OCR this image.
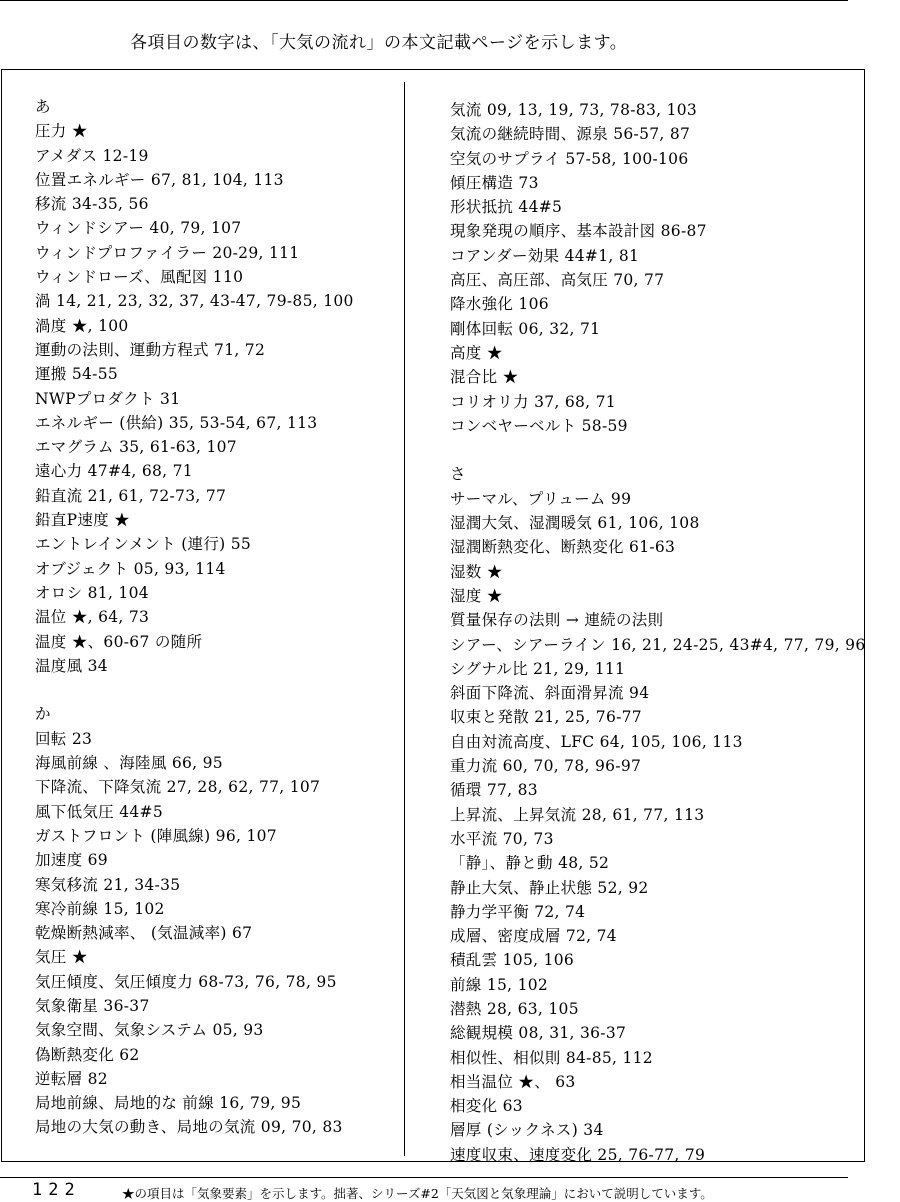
各項目の数字は、「大気の流れ」の本文記載ページを示します。
あ
圧力 ★
アメダス 12-19
位置エネルギー 67, 81, 104, 113
移流 34-35, 56
ウィンドシアー 40, 79, 107
ウィンドプロファイラー 20-29, 111
ウィンドローズ、風配図 110
渦 14, 21, 23, 32, 37, 43-47, 79-85, 100
渦度 ★, 100
運動の法則、運動方程式 71, 72
運搬 54-55
NWPプロダクト 31
エネルギー (供給) 35, 53-54, 67, 113
エマグラム 35, 61-63, 107
遠心力 47#4, 68, 71
鉛直流 21, 61, 72-73, 77
鉛直P速度 ★
エントレインメント (連行) 55
オブジェクト 05, 93, 114
オロシ 81, 104
温位 ★, 64, 73
温度 ★、60-67 の随所
温度風 34
か
回転 23
海風前線 、海陸風 66, 95
下降流、下降気流 27, 28, 62, 77, 107
風下低気圧 44#5
ガストフロント (陣風線) 96, 107
加速度 69
寒気移流 21, 34-35
寒冷前線 15, 102
乾燥断熱減率、 (気温減率) 67
気圧 ★
気圧傾度、気圧傾度力 68-73, 76, 78, 95
気象衛星 36-37
気象空間、気象システム 05, 93
偽断熱変化 62
逆転層 82
局地前線、局地的な 前線 16, 79, 95
局地の大気の動き、局地の気流 09, 70, 83
気流 09, 13, 19, 73, 78-83, 103
気流の継続時間、源泉 56-57, 87
空気のサプライ 57-58, 100-106
傾圧構造 73
形状抵抗 44#5
現象発現の順序、基本設計図 86-87
コアンダー効果 44#1, 81
高圧、高圧部、高気圧 70, 77
降水強化 106
剛体回転 06, 32, 71
高度 ★
混合比 ★
コリオリ力 37, 68, 71
コンベヤーベルト 58-59
さ
サーマル、プリューム 99
湿潤大気、湿潤暖気 61, 106, 108
湿潤断熱変化、断熱変化 61-63
湿数 ★
湿度 ★
質量保存の法則 → 連続の法則
シアー、シアーライン 16, 21, 24-25, 43#4, 77, 79, 96
シグナル比 21, 29, 111
斜面下降流、斜面滑昇流 94
収束と発散 21, 25, 76-77
自由対流高度、LFC 64, 105, 106, 113
重力流 60, 70, 78, 96-97
循環 77, 83
上昇流、上昇気流 28, 61, 77, 113
水平流 70, 73
「静」、静と動 48, 52
静止大気、静止状態 52, 92
静力学平衡 72, 74
成層、密度成層 72, 74
積乱雲 105, 106
前線 15, 102
潜熱 28, 63, 105
総観規模 08, 31, 36-37
相似性、相似則 84-85, 112
相当温位 ★、 63
相変化 63
層厚 (シックネス) 34
速度収束、速度変化 25, 76-77, 79
122	★の項目は「気象要素」を示します。拙著、シリーズ#2「天気図と気象理論」において説明しています。
